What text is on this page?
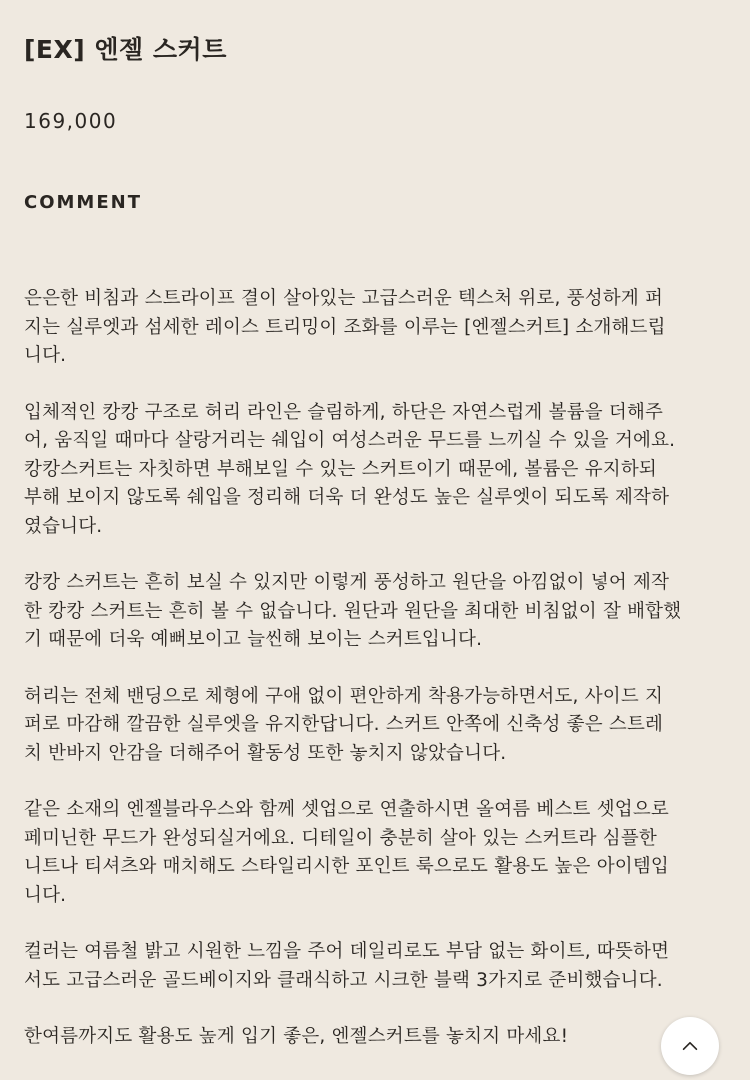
[EX] 엔젤 스커트
169,000
COMMENT

은은한 비침과 스트라이프 결이 살아있는 고급스러운 텍스처 위로, 풍성하게 퍼
지는 실루엣과 섬세한 레이스 트리밍이 조화를 이루는 [엔젤스커트] 소개해드립
니다.

입체적인 캉캉 구조로 허리 라인은 슬림하게, 하단은 자연스럽게 볼륨을 더해주
어, 움직일 때마다 살랑거리는 쉐입이 여성스러운 무드를 느끼실 수 있을 거에요.
캉캉스커트는 자칫하면 부해보일 수 있는 스커트이기 때문에, 볼륨은 유지하되
부해 보이지 않도록 쉐입을 정리해 더욱 더 완성도 높은 실루엣이 되도록 제작하
였습니다.

캉캉 스커트는 흔히 보실 수 있지만 이렇게 풍성하고 원단을 아낌없이 넣어 제작
한 캉캉 스커트는 흔히 볼 수 없습니다. 원단과 원단을 최대한 비침없이 잘 배합했
기 때문에 더욱 예뻐보이고 늘씬해 보이는 스커트입니다.

허리는 전체 밴딩으로 체형에 구애 없이 편안하게 착용가능하면서도, 사이드 지
퍼로 마감해 깔끔한 실루엣을 유지한답니다. 스커트 안쪽에 신축성 좋은 스트레
치 반바지 안감을 더해주어 활동성 또한 놓치지 않았습니다.

같은 소재의 엔젤블라우스와 함께 셋업으로 연출하시면 올여름 베스트 셋업으로
페미닌한 무드가 완성되실거에요. 디테일이 충분히 살아 있는 스커트라 심플한
니트나 티셔츠와 매치해도 스타일리시한 포인트 룩으로도 활용도 높은 아이템입
니다.

컬러는 여름철 밝고 시원한 느낌을 주어 데일리로도 부담 없는 화이트, 따뜻하면
서도 고급스러운 골드베이지와 클래식하고 시크한 블랙 3가지로 준비했습니다.

한여름까지도 활용도 높게 입기 좋은, 엔젤스커트를 놓치지 마세요!
